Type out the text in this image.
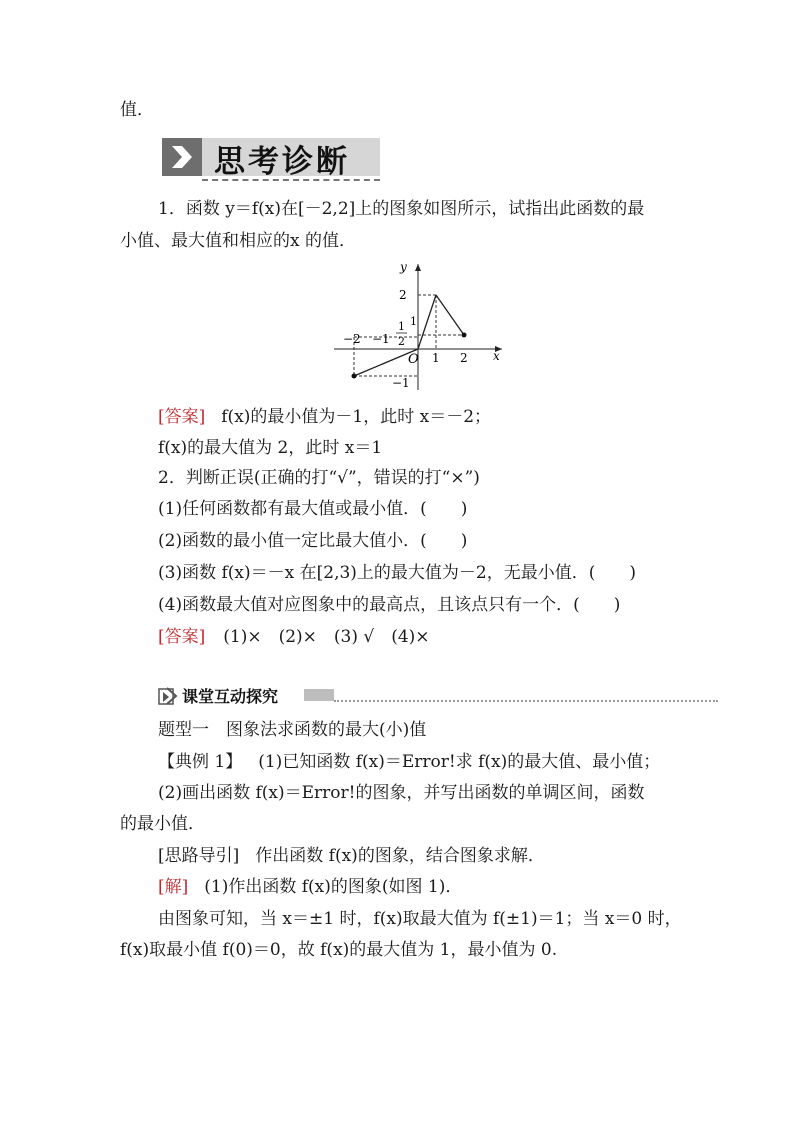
值．
思考诊断
1．函数 y＝f(x)在[－2,2]上的图象如图所示，试指出此函数的最
小值、最大值和相应的x 的值．
y
x
O
2
1
1
2
−2 −1
1 2
−1
[答案] f(x)的最小值为－1，此时 x＝－2；
f(x)的最大值为 2，此时 x＝1
2．判断正误(正确的打“√”，错误的打“×”)
(1)任何函数都有最大值或最小值．(　　)
(2)函数的最小值一定比最大值小．(　　)
(3)函数 f(x)＝－x 在[2,3)上的最大值为－2，无最小值．(　　)
(4)函数最大值对应图象中的最高点，且该点只有一个．(　　)
[答案] (1)×　(2)×　(3) √　(4)×
课堂互动探究
题型一　图象法求函数的最大(小)值
【典例 1】 (1)已知函数 f(x)＝Error!求 f(x)的最大值、最小值；
(2)画出函数 f(x)＝Error!的图象，并写出函数的单调区间，函数
的最小值．
[思路导引] 作出函数 f(x)的图象，结合图象求解．
[解] (1)作出函数 f(x)的图象(如图 1)．
由图象可知，当 x＝±1 时，f(x)取最大值为 f(±1)＝1；当 x＝0 时，
f(x)取最小值 f(0)＝0，故 f(x)的最大值为 1，最小值为 0.
